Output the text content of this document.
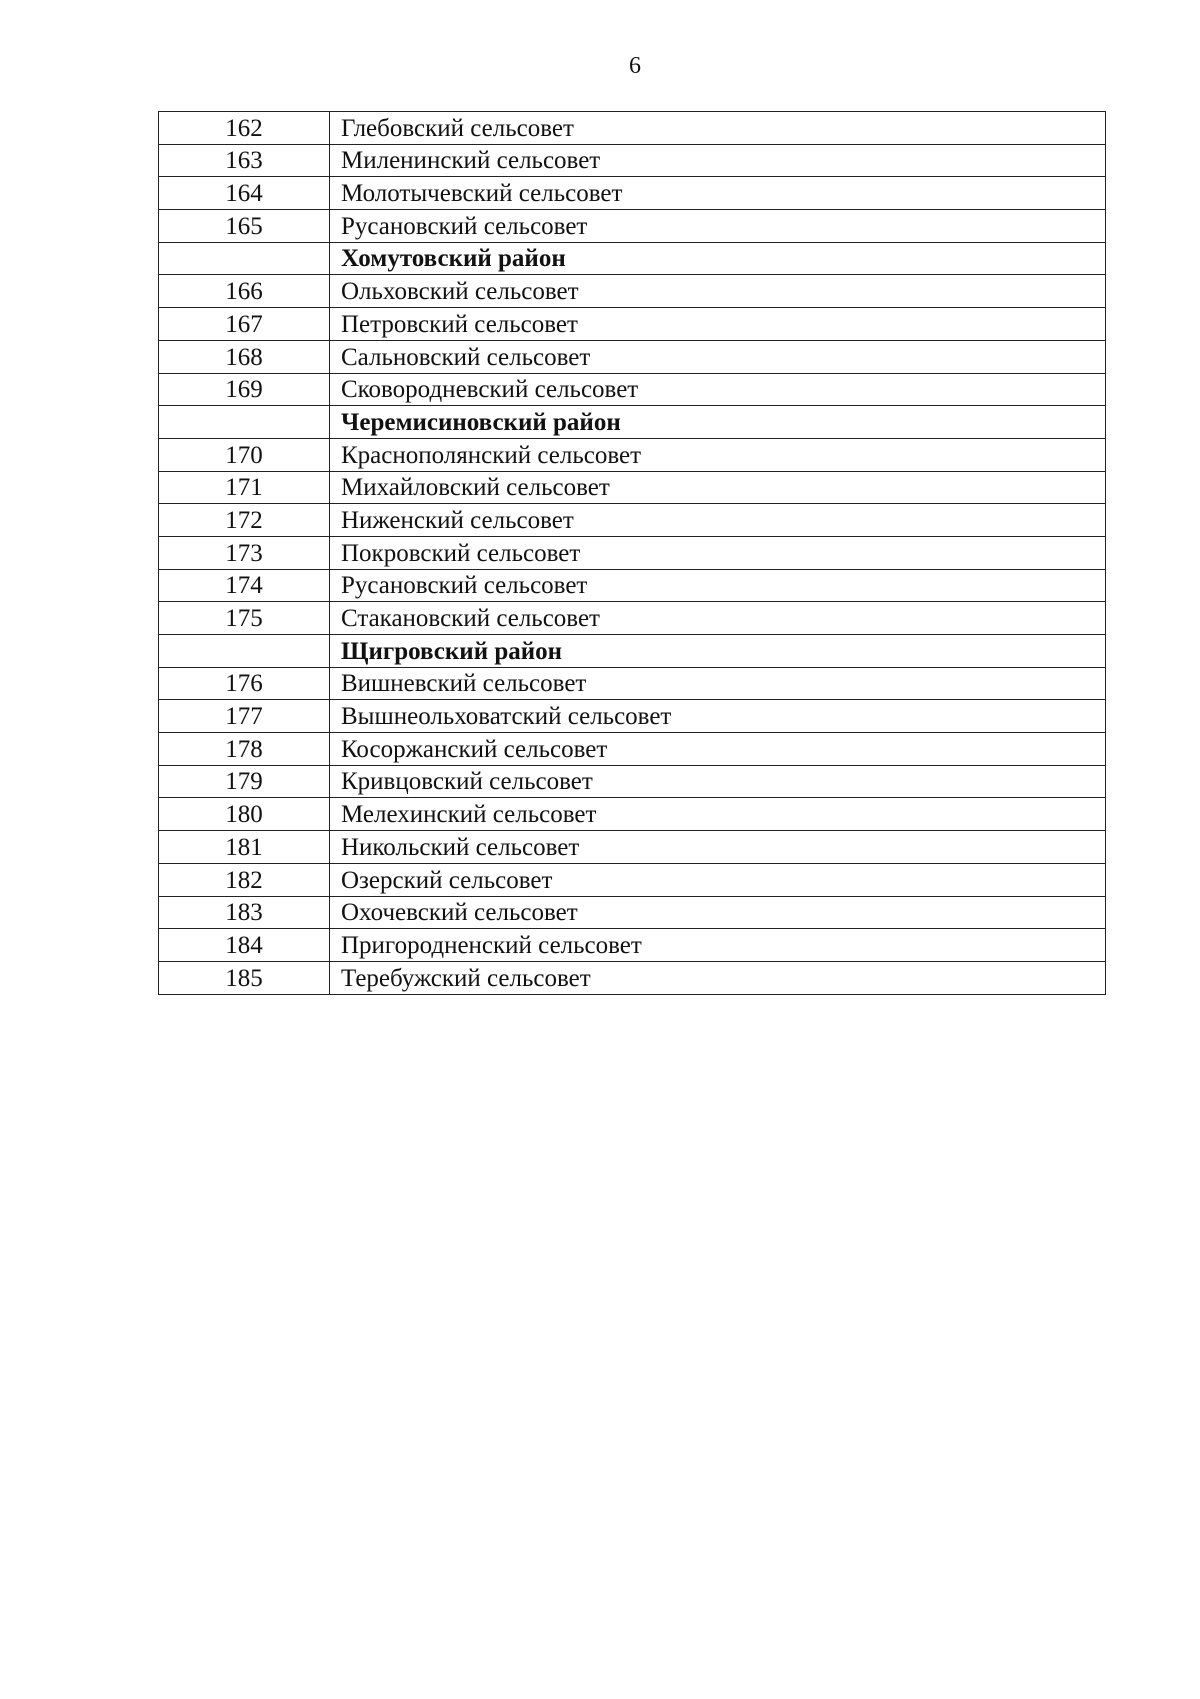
6
162	Глебовский сельсовет
163	Миленинский сельсовет
164	Молотычевский сельсовет
165	Русановский сельсовет
	Хомутовский район
166	Ольховский сельсовет
167	Петровский сельсовет
168	Сальновский сельсовет
169	Сковородневский сельсовет
	Черемисиновский район
170	Краснополянский сельсовет
171	Михайловский сельсовет
172	Ниженский сельсовет
173	Покровский сельсовет
174	Русановский сельсовет
175	Стакановский сельсовет
	Щигровский район
176	Вишневский сельсовет
177	Вышнеольховатский сельсовет
178	Косоржанский сельсовет
179	Кривцовский сельсовет
180	Мелехинский сельсовет
181	Никольский сельсовет
182	Озерский сельсовет
183	Охочевский сельсовет
184	Пригородненский сельсовет
185	Теребужский сельсовет
